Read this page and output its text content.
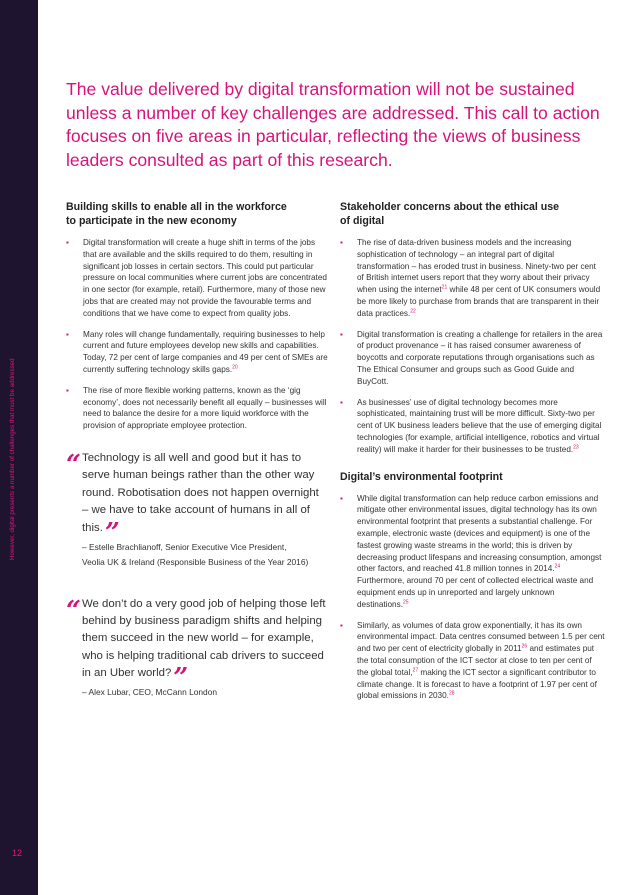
However, digital presents a number of challenges that must be addressed
12

The value delivered by digital transformation will not be sustained unless a number of key challenges are addressed. This call to action focuses on five areas in particular, reflecting the views of business leaders consulted as part of this research.

Building skills to enable all in the workforce
to participate in the new economy
▪ Digital transformation will create a huge shift in terms of the jobs that are available and the skills required to do them, resulting in significant job losses in certain sectors. This could put particular pressure on local communities where current jobs are concentrated in one sector (for example, retail). Furthermore, many of those new jobs that are created may not provide the favourable terms and conditions that we have come to expect from quality jobs.
▪ Many roles will change fundamentally, requiring businesses to help current and future employees develop new skills and capabilities. Today, 72 per cent of large companies and 49 per cent of SMEs are currently suffering technology skills gaps.$^{20}$
▪ The rise of more flexible working patterns, known as the ‘gig economy’, does not necessarily benefit all equally – businesses will need to balance the desire for a more liquid workforce with the provision of appropriate employee protection.
“ Technology is all well and good but it has to serve human beings rather than the other way round. Robotisation does not happen overnight – we have to take account of humans in all of this.”
– Estelle Brachlianoff, Senior Executive Vice President,
Veolia UK & Ireland (Responsible Business of the Year 2016)
“ We don’t do a very good job of helping those left behind by business paradigm shifts and helping them succeed in the new world – for example, who is helping traditional cab drivers to succeed in an Uber world?”
– Alex Lubar, CEO, McCann London
Stakeholder concerns about the ethical use
of digital
▪ The rise of data-driven business models and the increasing sophistication of technology – an integral part of digital transformation – has eroded trust in business. Ninety-two per cent of British internet users report that they worry about their privacy when using the internet$^{21}$ while 48 per cent of UK consumers would be more likely to purchase from brands that are transparent in their data practices.$^{22}$
▪ Digital transformation is creating a challenge for retailers in the area of product provenance – it has raised consumer awareness of boycotts and corporate reputations through organisations such as The Ethical Consumer and groups such as Good Guide and BuyCott.
▪ As businesses’ use of digital technology becomes more sophisticated, maintaining trust will be more difficult. Sixty-two per cent of UK business leaders believe that the use of emerging digital technologies (for example, artificial intelligence, robotics and virtual reality) will make it harder for their businesses to be trusted.$^{23}$
Digital’s environmental footprint
▪ While digital transformation can help reduce carbon emissions and mitigate other environmental issues, digital technology has its own environmental footprint that presents a substantial challenge. For example, electronic waste (devices and equipment) is one of the fastest growing waste streams in the world; this is driven by decreasing product lifespans and increasing consumption, amongst other factors, and reached 41.8 million tonnes in 2014.24 Furthermore, around 70 per cent of collected electrical waste and equipment ends up in unreported and largely unknown destinations.$^{25}$
▪ Similarly, as volumes of data grow exponentially, it has its own environmental impact. Data centres consumed between 1.5 per cent and two per cent of electricity globally in 2011$^{26}$ and estimates put the total consumption of the ICT sector at close to ten per cent of the global total,$^{27}$ making the ICT sector a significant contributor to climate change. It is forecast to have a footprint of 1.97 per cent of global emissions in 2030.28
